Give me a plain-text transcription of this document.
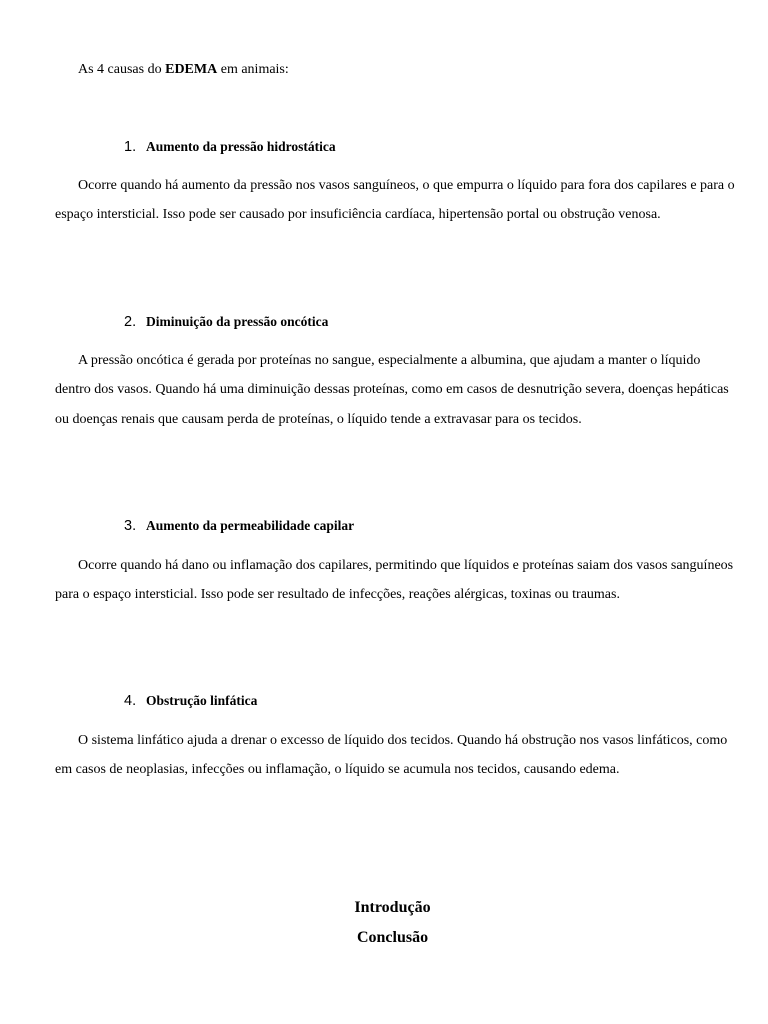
As 4 causas do EDEMA em animais:
1. Aumento da pressão hidrostática

Ocorre quando há aumento da pressão nos vasos sanguíneos, o que empurra o líquido para fora dos capilares e para o espaço intersticial. Isso pode ser causado por insuficiência cardíaca, hipertensão portal ou obstrução venosa.

2. Diminuição da pressão oncótica

A pressão oncótica é gerada por proteínas no sangue, especialmente a albumina, que ajudam a manter o líquido dentro dos vasos. Quando há uma diminuição dessas proteínas, como em casos de desnutrição severa, doenças hepáticas ou doenças renais que causam perda de proteínas, o líquido tende a extravasar para os tecidos.

3. Aumento da permeabilidade capilar

Ocorre quando há dano ou inflamação dos capilares, permitindo que líquidos e proteínas saiam dos vasos sanguíneos para o espaço intersticial. Isso pode ser resultado de infecções, reações alérgicas, toxinas ou traumas.

4. Obstrução linfática

O sistema linfático ajuda a drenar o excesso de líquido dos tecidos. Quando há obstrução nos vasos linfáticos, como em casos de neoplasias, infecções ou inflamação, o líquido se acumula nos tecidos, causando edema.

Introdução
Conclusão
